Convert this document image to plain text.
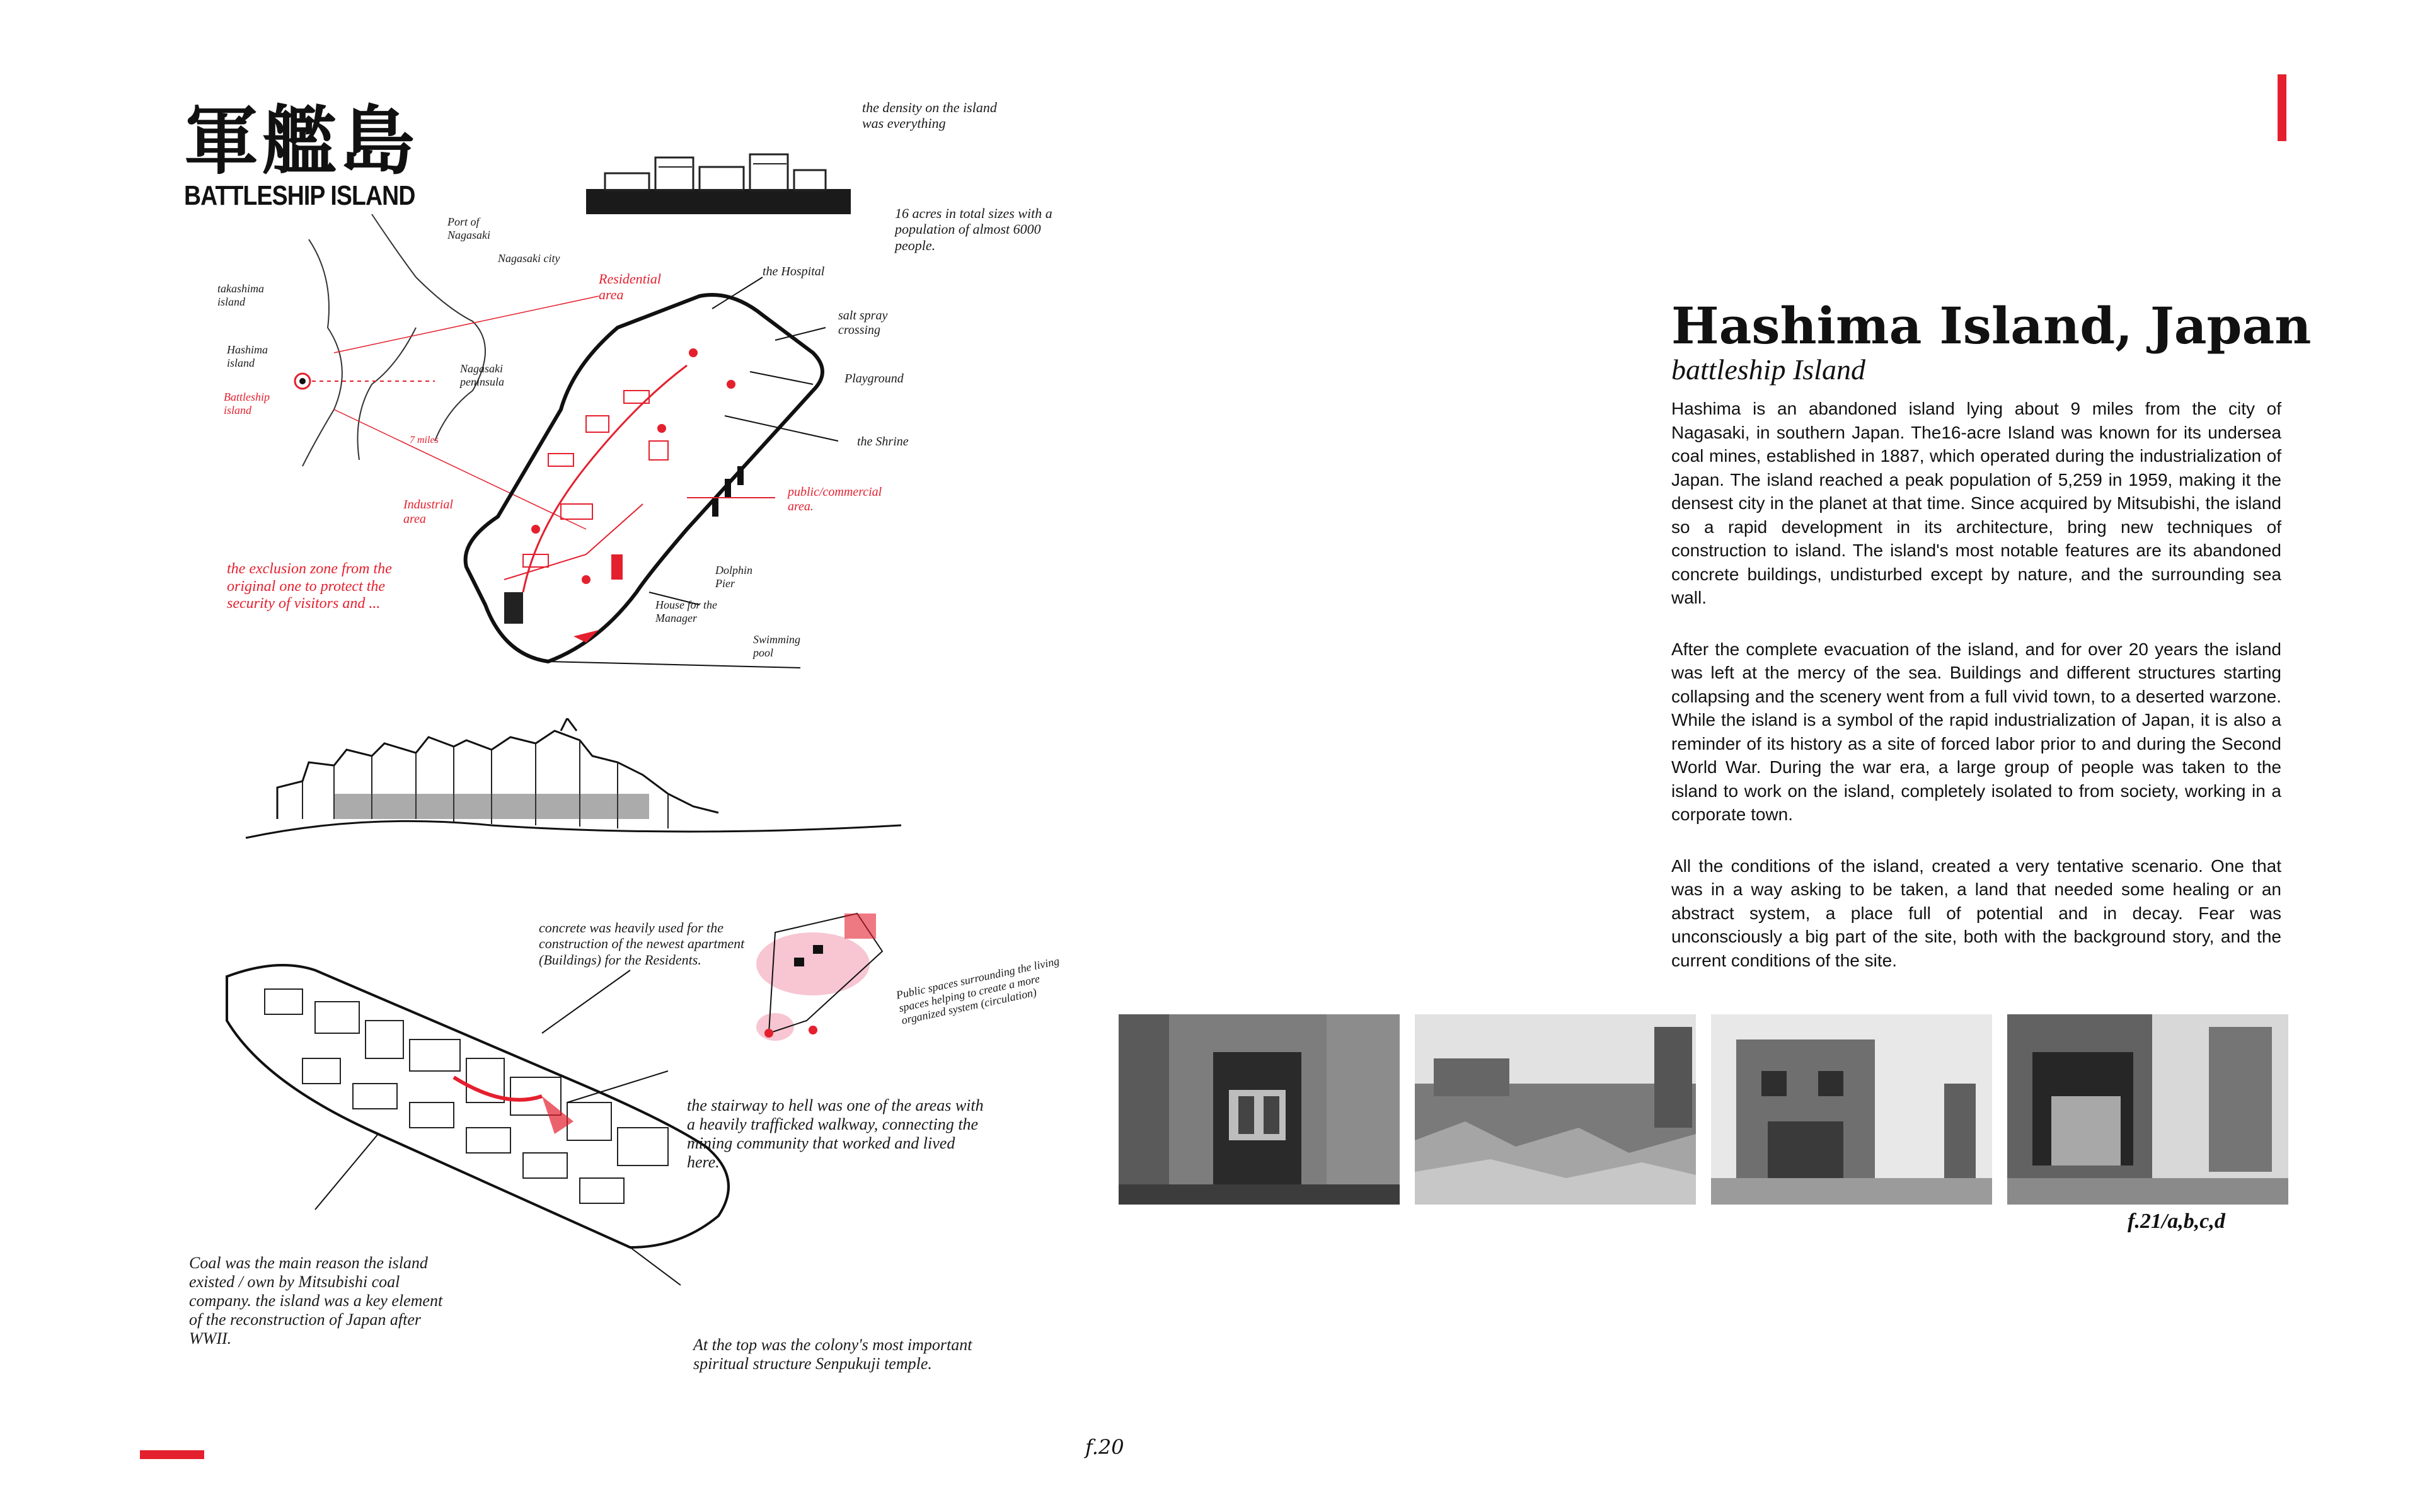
軍艦島
BATTLESHIP ISLAND
the density on the island was everything
16 acres in total sizes with a population of almost 6000 people.
Port of Nagasaki
Nagasaki city
takashima island
Hashima island
Battleship island
Nagasaki peninsula
7 miles
Residential area
the Hospital
salt spray crossing
Playground
the Shrine
public/commercial area.
Industrial area
Dolphin Pier
House for the Manager
Swimming pool
the exclusion zone from the original one to protect the security of visitors and ...
concrete was heavily used for the construction of the newest apartment (Buildings) for the Residents.	Public spaces surrounding the living spaces helping to create a more organized system (circulation)
the stairway to hell was one of the areas with a heavily trafficked walkway, connecting the mining community that worked and lived here.
Coal was the main reason the island existed / own by Mitsubishi coal company. the island was a key element of the reconstruction of Japan after WWII.	At the top was the colony's most important spiritual structure Senpukuji temple.
f.20
Hashima Island, Japan
battleship Island

Hashima is an abandoned island lying about 9 miles from the city of Nagasaki, in southern Japan. The16-acre Island was known for its undersea coal mines, established in 1887, which operated during the industrialization of Japan. The island reached a peak population of 5,259 in 1959, making it the densest city in the planet at that time. Since acquired by Mitsubishi, the island so a rapid development in its architecture, bring new techniques of construction to island. The island's most notable features are its abandoned concrete buildings, undisturbed except by nature, and the surrounding sea wall.

After the complete evacuation of the island, and for over 20 years the island was left at the mercy of the sea. Buildings and different structures starting collapsing and the scenery went from a full vivid town, to a deserted warzone. While the island is a symbol of the rapid industrialization of Japan, it is also a reminder of its history as a site of forced labor prior to and during the Second World War. During the war era, a large group of people was taken to the island to work on the island, completely isolated to from society, working in a corporate town.

All the conditions of the island, created a very tentative scenario. One that was in a way asking to be taken, a land that needed some healing or an abstract system, a place full of potential and in decay. Fear was unconsciously a big part of the site, both with the background story, and the current conditions of the site.

f.21/a,b,c,d
